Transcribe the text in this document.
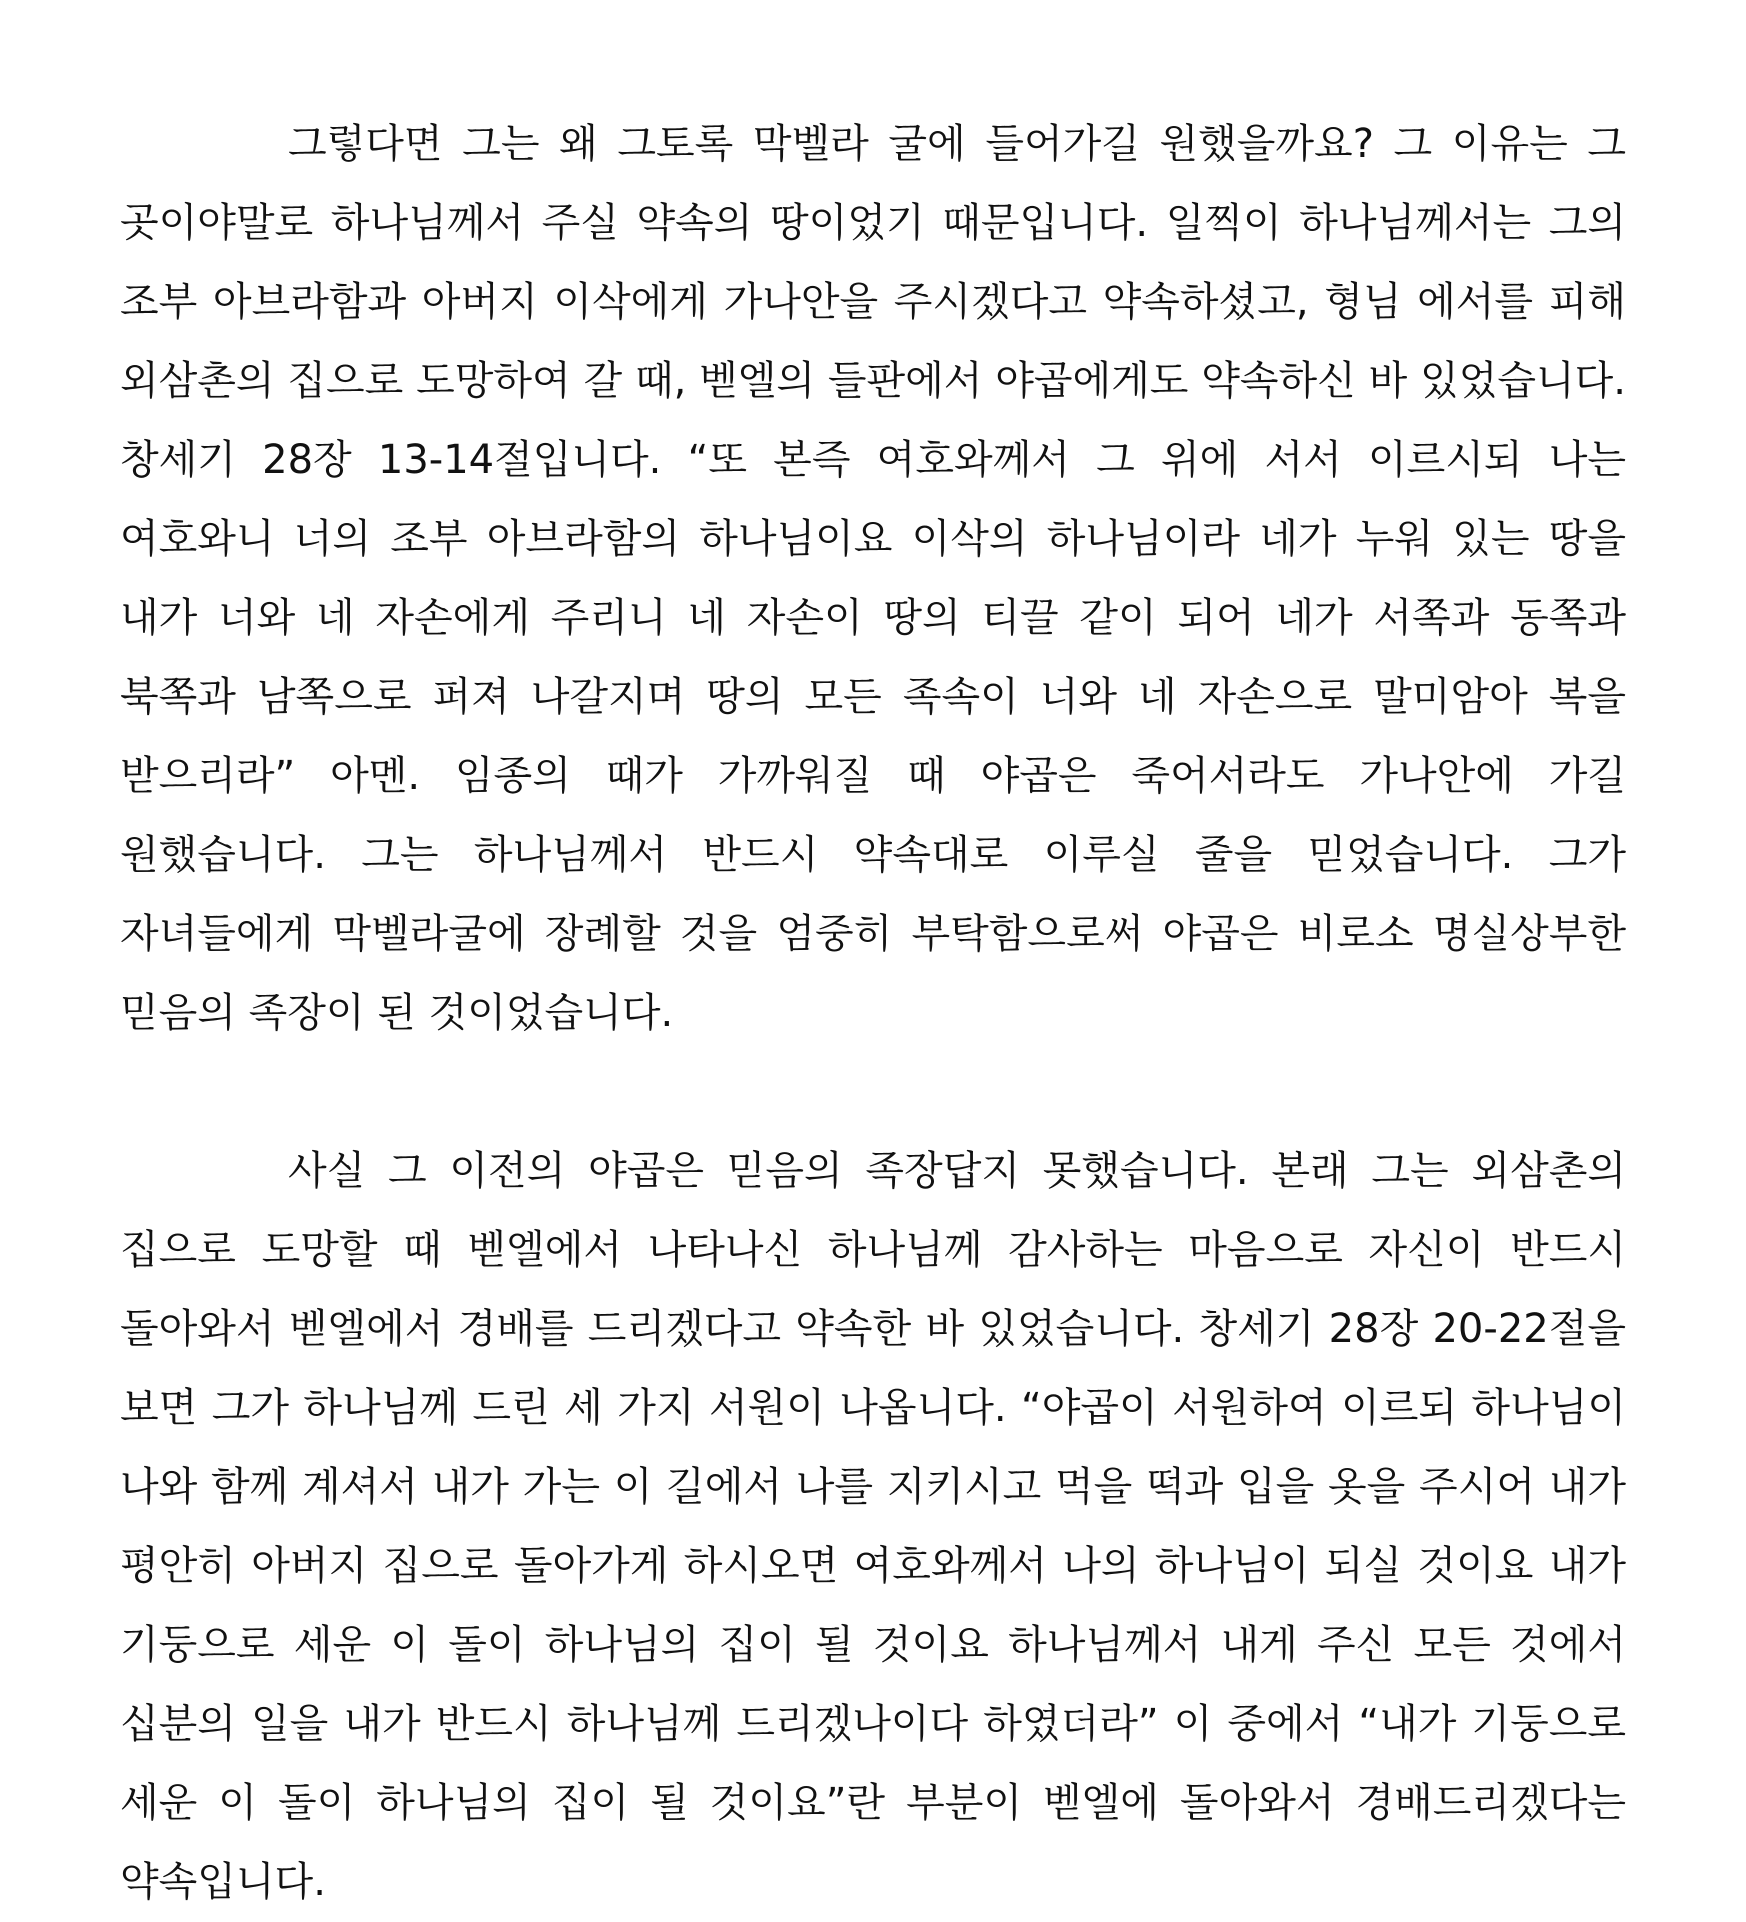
그렇다면 그는 왜 그토록 막벨라 굴에 들어가길 원했을까요? 그 이유는 그 곳이야말로 하나님께서 주실 약속의 땅이었기 때문입니다. 일찍이 하나님께서는 그의 조부 아브라함과 아버지 이삭에게 가나안을 주시겠다고 약속하셨고, 형님 에서를 피해 외삼촌의 집으로 도망하여 갈 때, 벧엘의 들판에서 야곱에게도 약속하신 바 있었습니다. 창세기 28장 13-14절입니다. “또 본즉 여호와께서 그 위에 서서 이르시되 나는 여호와니 너의 조부 아브라함의 하나님이요 이삭의 하나님이라 네가 누워 있는 땅을 내가 너와 네 자손에게 주리니 네 자손이 땅의 티끌 같이 되어 네가 서쪽과 동쪽과 북쪽과 남쪽으로 퍼져 나갈지며 땅의 모든 족속이 너와 네 자손으로 말미암아 복을 받으리라” 아멘. 임종의 때가 가까워질 때 야곱은 죽어서라도 가나안에 가길 원했습니다. 그는 하나님께서 반드시 약속대로 이루실 줄을 믿었습니다. 그가 자녀들에게 막벨라굴에 장례할 것을 엄중히 부탁함으로써 야곱은 비로소 명실상부한 믿음의 족장이 된 것이었습니다.

사실 그 이전의 야곱은 믿음의 족장답지 못했습니다. 본래 그는 외삼촌의 집으로 도망할 때 벧엘에서 나타나신 하나님께 감사하는 마음으로 자신이 반드시 돌아와서 벧엘에서 경배를 드리겠다고 약속한 바 있었습니다. 창세기 28장 20-22절을 보면 그가 하나님께 드린 세 가지 서원이 나옵니다. “야곱이 서원하여 이르되 하나님이 나와 함께 계셔서 내가 가는 이 길에서 나를 지키시고 먹을 떡과 입을 옷을 주시어 내가 평안히 아버지 집으로 돌아가게 하시오면 여호와께서 나의 하나님이 되실 것이요 내가 기둥으로 세운 이 돌이 하나님의 집이 될 것이요 하나님께서 내게 주신 모든 것에서 십분의 일을 내가 반드시 하나님께 드리겠나이다 하였더라” 이 중에서 “내가 기둥으로 세운 이 돌이 하나님의 집이 될 것이요”란 부분이 벧엘에 돌아와서 경배드리겠다는 약속입니다.
